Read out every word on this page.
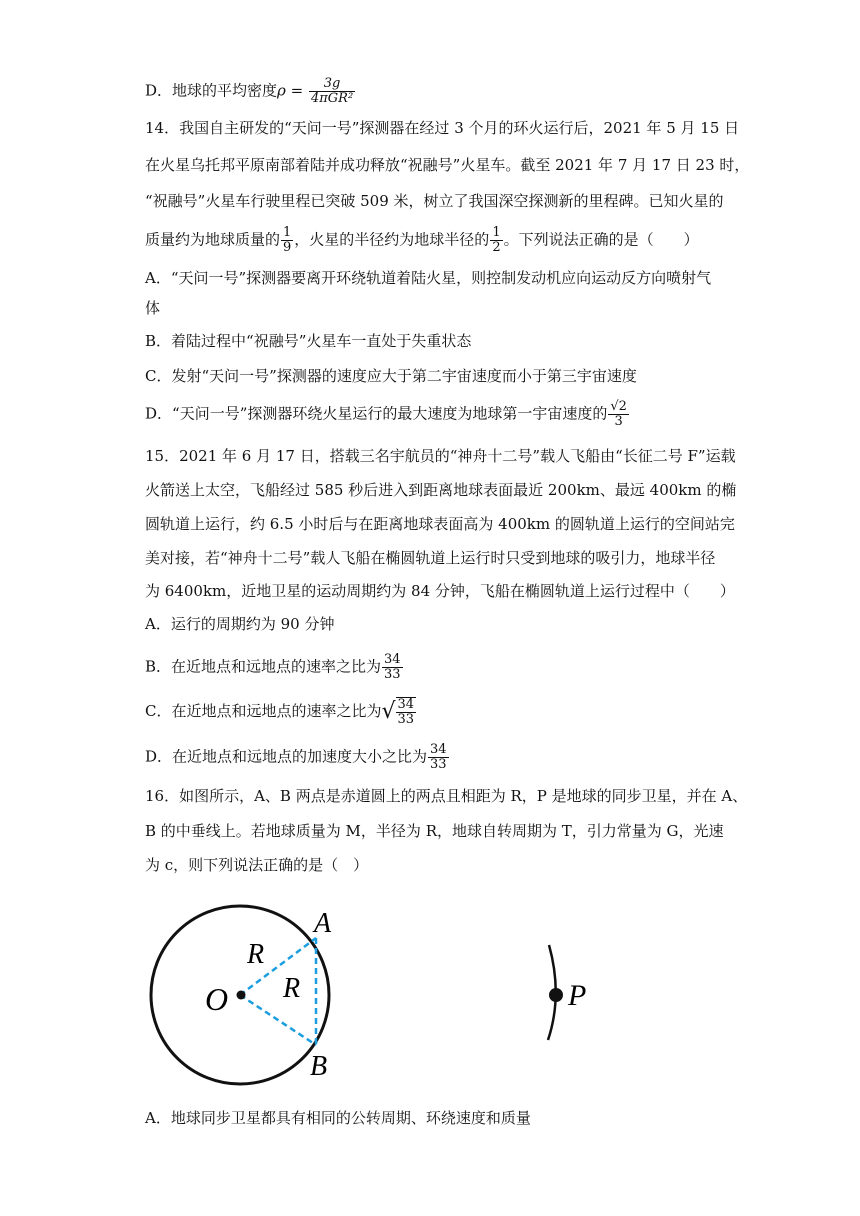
D．地球的平均密度$\rho = \frac{3g}{\text{4πGR²}}$
14．我国自主研发的“天问一号”探测器在经过 3 个月的环火运行后，2021 年 5 月 15 日
在火星乌托邦平原南部着陆并成功释放“祝融号”火星车。截至 2021 年 7 月 17 日 23 时，
“祝融号”火星车行驶里程已突破 509 米，树立了我国深空探测新的里程碑。已知火星的
质量约为地球质量的 $\frac{1}{9}$ ，火星的半径约为地球半径的 $\frac{1}{2}$ 。下列说法正确的是（　　）
A．“天问一号”探测器要离开环绕轨道着陆火星，则控制发动机应向运动反方向喷射气
体
B．着陆过程中“祝融号”火星车一直处于失重状态
C．发射“天问一号”探测器的速度应大于第二宇宙速度而小于第三宇宙速度
D．“天问一号”探测器环绕火星运行的最大速度为地球第一宇宙速度的 $\frac{√2}{3}$
15．2021 年 6 月 17 日，搭载三名宇航员的“神舟十二号”载人飞船由“长征二号 F”运载
火箭送上太空，飞船经过 585 秒后进入到距离地球表面最近 200km、最远 400km 的椭
圆轨道上运行，约 6.5 小时后与在距离地球表面高为 400km 的圆轨道上运行的空间站完
美对接，若“神舟十二号”载人飞船在椭圆轨道上运行时只受到地球的吸引力，地球半径
为 6400km，近地卫星的运动周期约为 84 分钟，飞船在椭圆轨道上运行过程中（　　）
A．运行的周期约为 90 分钟
B．在近地点和远地点的速率之比为 $\frac{34}{33}$
C．在近地点和远地点的速率之比为√ $\frac{34}{33}$
D．在近地点和远地点的加速度大小之比为 $\frac{34}{33}$
16．如图所示，A、B 两点是赤道圆上的两点且相距为 R，P 是地球的同步卫星，并在 A、
B 的中垂线上。若地球质量为 M，半径为 R，地球自转周期为 T，引力常量为 G，光速
为 c，则下列说法正确的是（　）
A
B
O
R
R	P
A．地球同步卫星都具有相同的公转周期、环绕速度和质量
